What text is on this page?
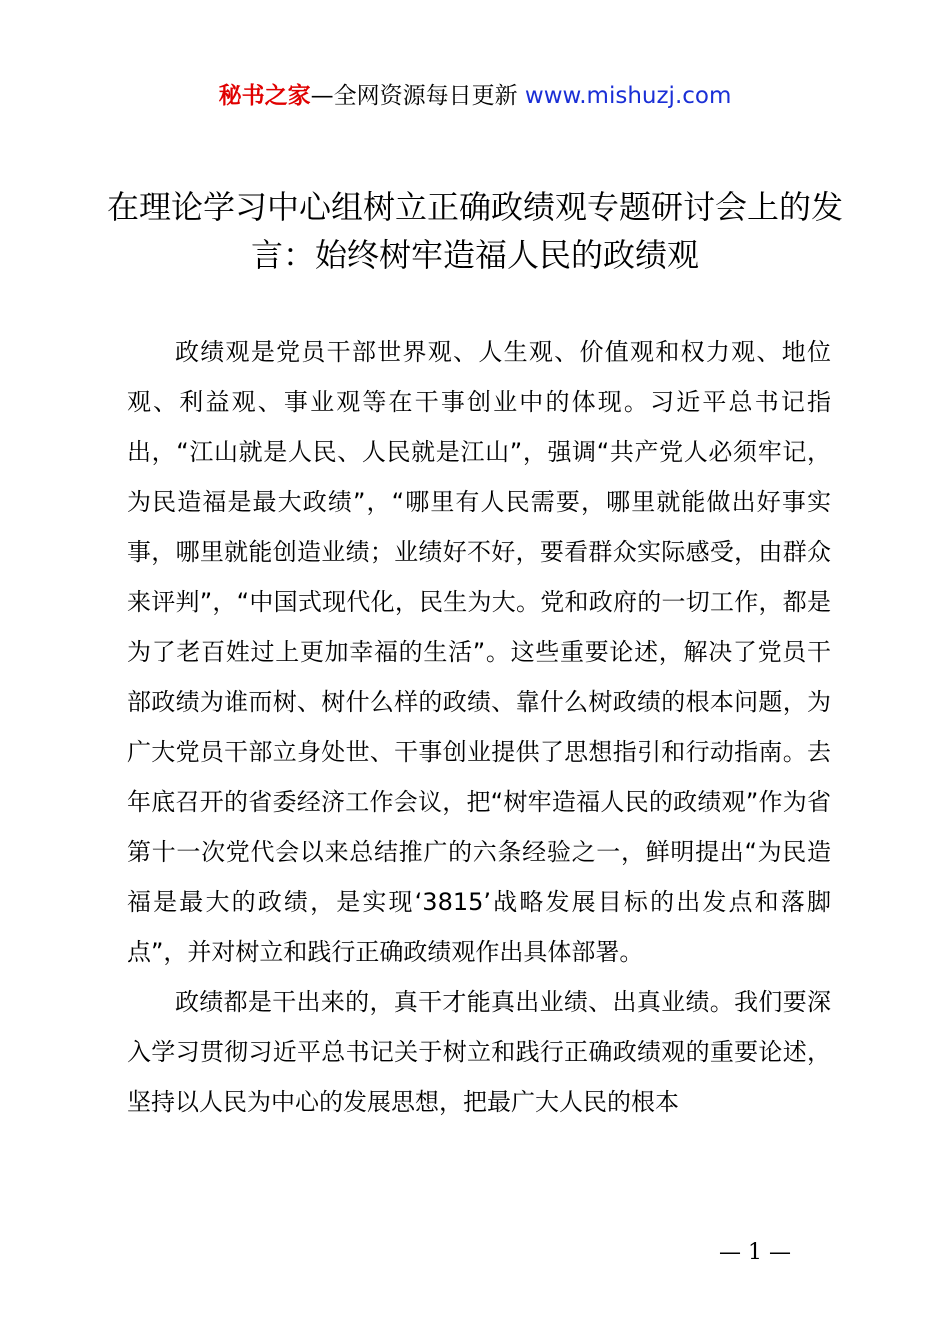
秘书之家—全网资源每日更新 www.mishuzj.com
在理论学习中心组树立正确政绩观专题研讨会上的发言：始终树牢造福人民的政绩观

政绩观是党员干部世界观、人生观、价值观和权力观、地位观、利益观、事业观等在干事创业中的体现。习近平总书记指出，“江山就是人民、人民就是江山”，强调“共产党人必须牢记，为民造福是最大政绩”，“哪里有人民需要，哪里就能做出好事实事，哪里就能创造业绩；业绩好不好，要看群众实际感受，由群众来评判”，“中国式现代化，民生为大。党和政府的一切工作，都是为了老百姓过上更加幸福的生活”。这些重要论述，解决了党员干部政绩为谁而树、树什么样的政绩、靠什么树政绩的根本问题，为广大党员干部立身处世、干事创业提供了思想指引和行动指南。去年底召开的省委经济工作会议，把“树牢造福人民的政绩观”作为省第十一次党代会以来总结推广的六条经验之一，鲜明提出“为民造福是最大的政绩，是实现‘3815’战略发展目标的出发点和落脚点”，并对树立和践行正确政绩观作出具体部署。

政绩都是干出来的，真干才能真出业绩、出真业绩。我们要深入学习贯彻习近平总书记关于树立和践行正确政绩观的重要论述，坚持以人民为中心的发展思想，把最广大人民的根本

— 1 —
